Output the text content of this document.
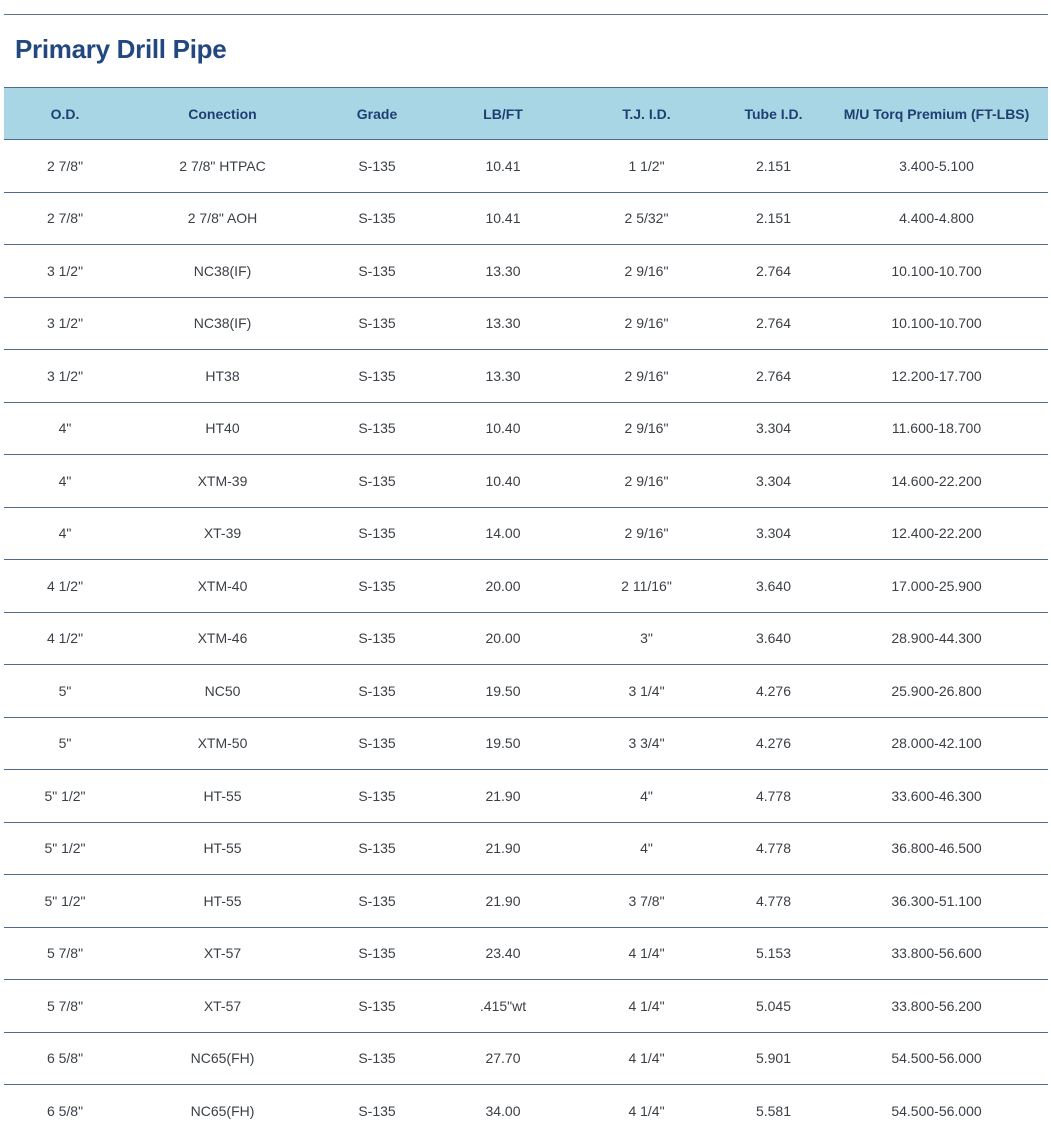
Primary Drill Pipe
O.D.	Conection	Grade	LB/FT	T.J. I.D.	Tube I.D.	M/U Torq Premium (FT-LBS)
2 7/8"	2 7/8" HTPAC	S-135	10.41	1 1/2"	2.151	3.400-5.100
2 7/8"	2 7/8" AOH	S-135	10.41	2 5/32"	2.151	4.400-4.800
3 1/2"	NC38(IF)	S-135	13.30	2 9/16"	2.764	10.100-10.700
3 1/2"	NC38(IF)	S-135	13.30	2 9/16"	2.764	10.100-10.700
3 1/2"	HT38	S-135	13.30	2 9/16"	2.764	12.200-17.700
4"	HT40	S-135	10.40	2 9/16"	3.304	11.600-18.700
4"	XTM-39	S-135	10.40	2 9/16"	3.304	14.600-22.200
4"	XT-39	S-135	14.00	2 9/16"	3.304	12.400-22.200
4 1/2"	XTM-40	S-135	20.00	2 11/16"	3.640	17.000-25.900
4 1/2"	XTM-46	S-135	20.00	3"	3.640	28.900-44.300
5"	NC50	S-135	19.50	3 1/4"	4.276	25.900-26.800
5"	XTM-50	S-135	19.50	3 3/4"	4.276	28.000-42.100
5" 1/2"	HT-55	S-135	21.90	4"	4.778	33.600-46.300
5" 1/2"	HT-55	S-135	21.90	4"	4.778	36.800-46.500
5" 1/2"	HT-55	S-135	21.90	3 7/8"	4.778	36.300-51.100
5 7/8"	XT-57	S-135	23.40	4 1/4"	5.153	33.800-56.600
5 7/8"	XT-57	S-135	.415"wt	4 1/4"	5.045	33.800-56.200
6 5/8"	NC65(FH)	S-135	27.70	4 1/4"	5.901	54.500-56.000
6 5/8"	NC65(FH)	S-135	34.00	4 1/4"	5.581	54.500-56.000
